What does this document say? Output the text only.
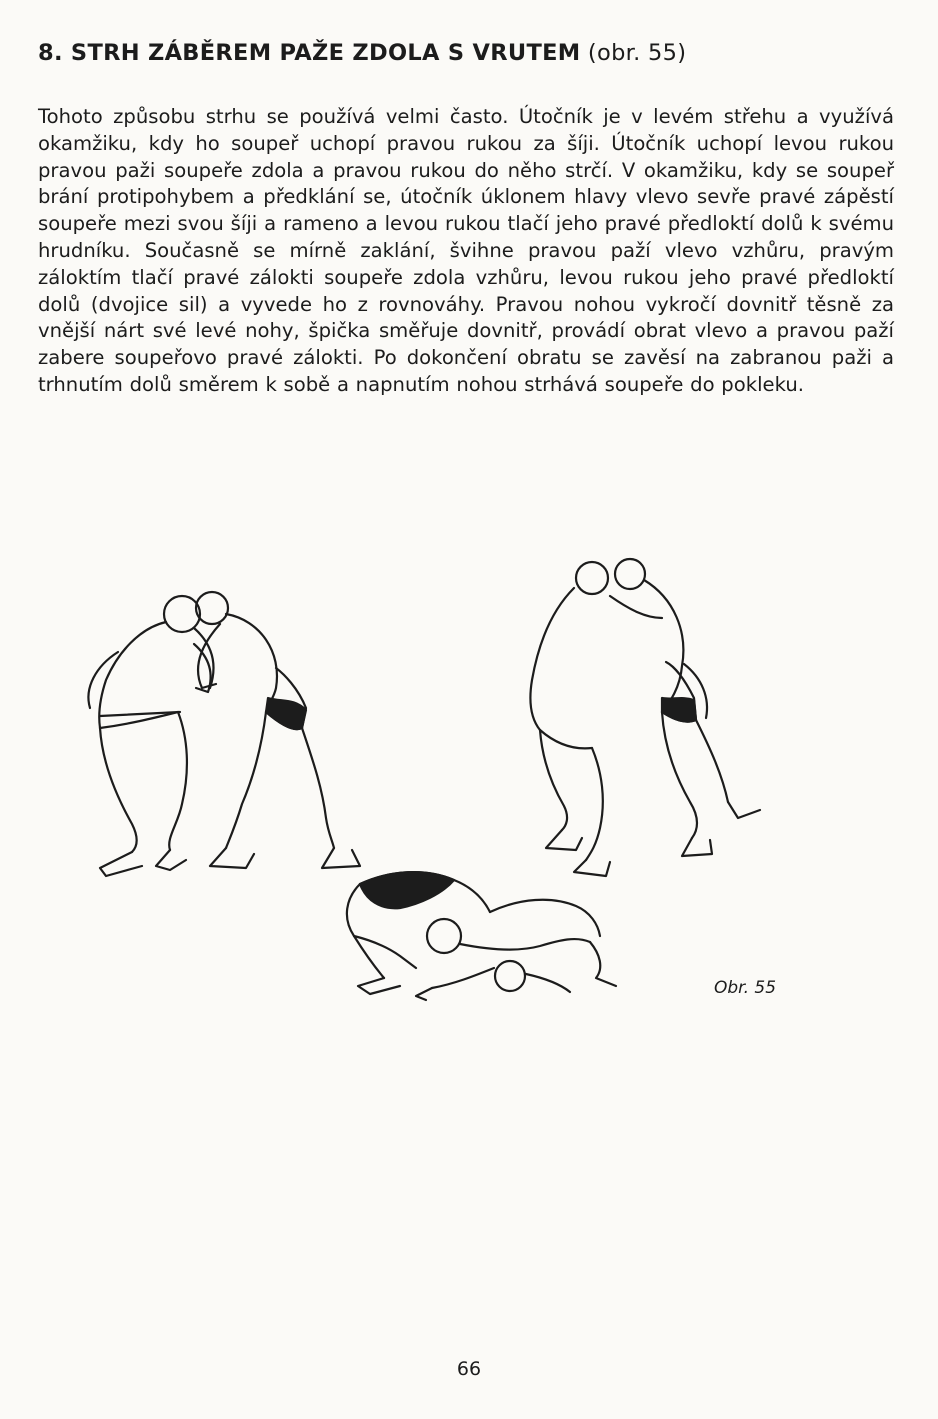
8. STRH ZÁBĚREM PAŽE ZDOLA S VRUTEM (obr. 55)
Tohoto způsobu strhu se používá velmi často. Útočník je v levém střehu a využívá okamžiku, kdy ho soupeř uchopí pravou rukou za šíji. Útočník uchopí levou rukou pravou paži soupeře zdola a pravou rukou do něho strčí. V okamžiku, kdy se soupeř brání protipohybem a předklání se, útočník úklonem hlavy vlevo sevře pravé zápěstí soupeře mezi svou šíji a rameno a levou rukou tlačí jeho pravé předloktí dolů k svému hrudníku. Současně se mírně zaklání, švihne pravou paží vlevo vzhůru, pravým záloktím tlačí pravé zálokti soupeře zdola vzhůru, levou rukou jeho pravé předloktí dolů (dvojice sil) a vyvede ho z rovnováhy. Pravou nohou vykročí dovnitř těsně za vnější nárt své levé nohy, špička směřuje dovnitř, provádí obrat vlevo a pravou paží zabere soupeřovo pravé zálokti. Po dokončení obratu se zavěsí na zabranou paži a trhnutím dolů směrem k sobě a napnutím nohou strhává soupeře do pokleku.
Obr. 55
66
